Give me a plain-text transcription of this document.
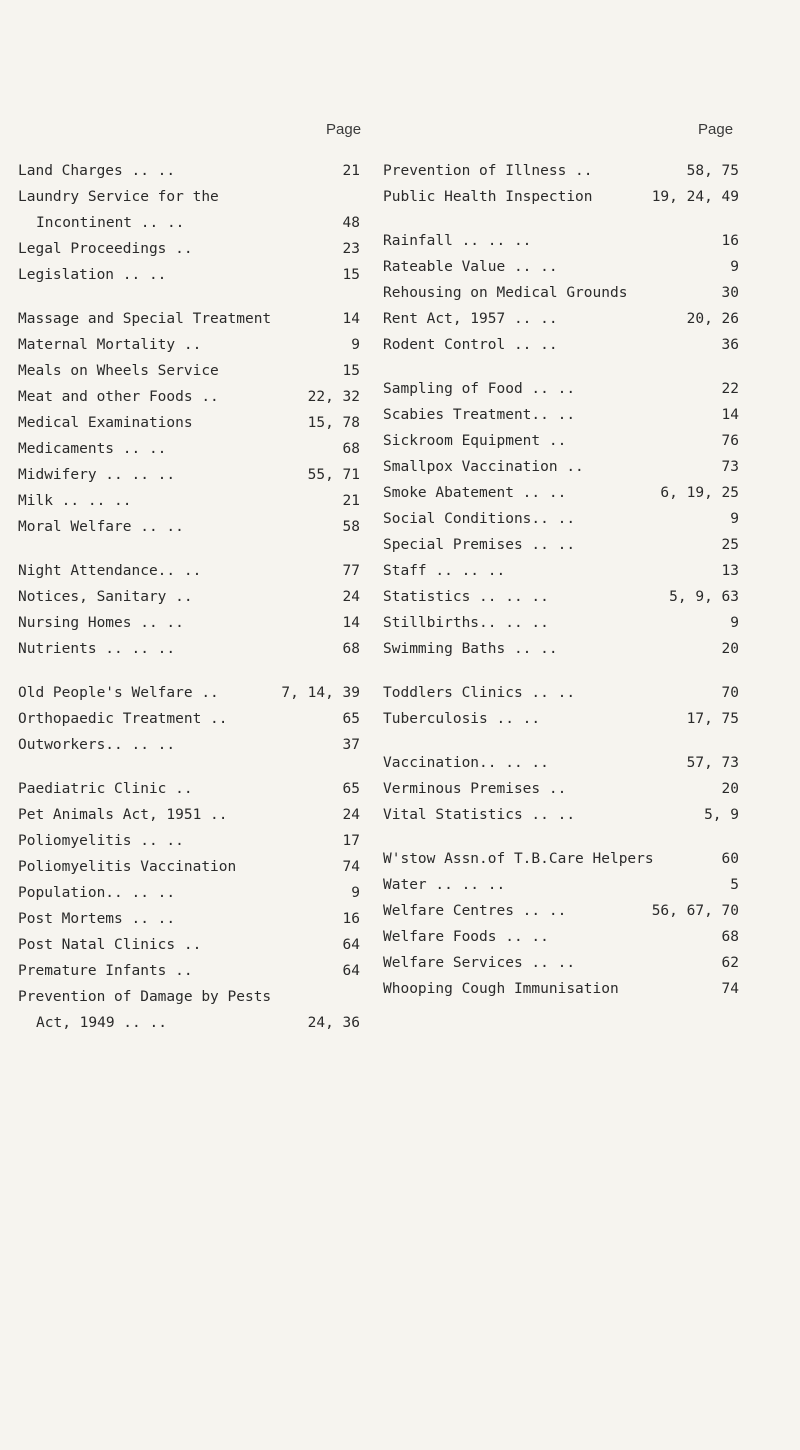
Page	Page
Land Charges .. ..	21
Laundry Service for the
Incontinent .. ..	48
Legal Proceedings ..	23
Legislation .. ..	15
Massage and Special Treatment	14
Maternal Mortality ..	9
Meals on Wheels Service	15
Meat and other Foods ..	22, 32
Medical Examinations	15, 78
Medicaments .. ..	68
Midwifery .. .. ..	55, 71
Milk .. .. ..	21
Moral Welfare .. ..	58
Night Attendance.. ..	77
Notices, Sanitary ..	24
Nursing Homes .. ..	14
Nutrients .. .. ..	68
Old People's Welfare ..	7, 14, 39
Orthopaedic Treatment ..	65
Outworkers.. .. ..	37
Paediatric Clinic ..	65
Pet Animals Act, 1951 ..	24
Poliomyelitis .. ..	17
Poliomyelitis Vaccination	74
Population.. .. ..	9
Post Mortems .. ..	16
Post Natal Clinics ..	64
Premature Infants ..	64
Prevention of Damage by Pests
Act, 1949 .. ..	24, 36
Prevention of Illness ..	58, 75
Public Health Inspection	19, 24, 49
Rainfall .. .. ..	16
Rateable Value .. ..	9
Rehousing on Medical Grounds	30
Rent Act, 1957 .. ..	20, 26
Rodent Control .. ..	36
Sampling of Food .. ..	22
Scabies Treatment.. ..	14
Sickroom Equipment ..	76
Smallpox Vaccination ..	73
Smoke Abatement .. ..	6, 19, 25
Social Conditions.. ..	9
Special Premises .. ..	25
Staff .. .. ..	13
Statistics .. .. ..	5, 9, 63
Stillbirths.. .. ..	9
Swimming Baths .. ..	20
Toddlers Clinics .. ..	70
Tuberculosis .. ..	17, 75
Vaccination.. .. ..	57, 73
Verminous Premises ..	20
Vital Statistics .. ..	5, 9
W'stow Assn.of T.B.Care Helpers	60
Water .. .. ..	5
Welfare Centres .. ..	56, 67, 70
Welfare Foods .. ..	68
Welfare Services .. ..	62
Whooping Cough Immunisation	74
